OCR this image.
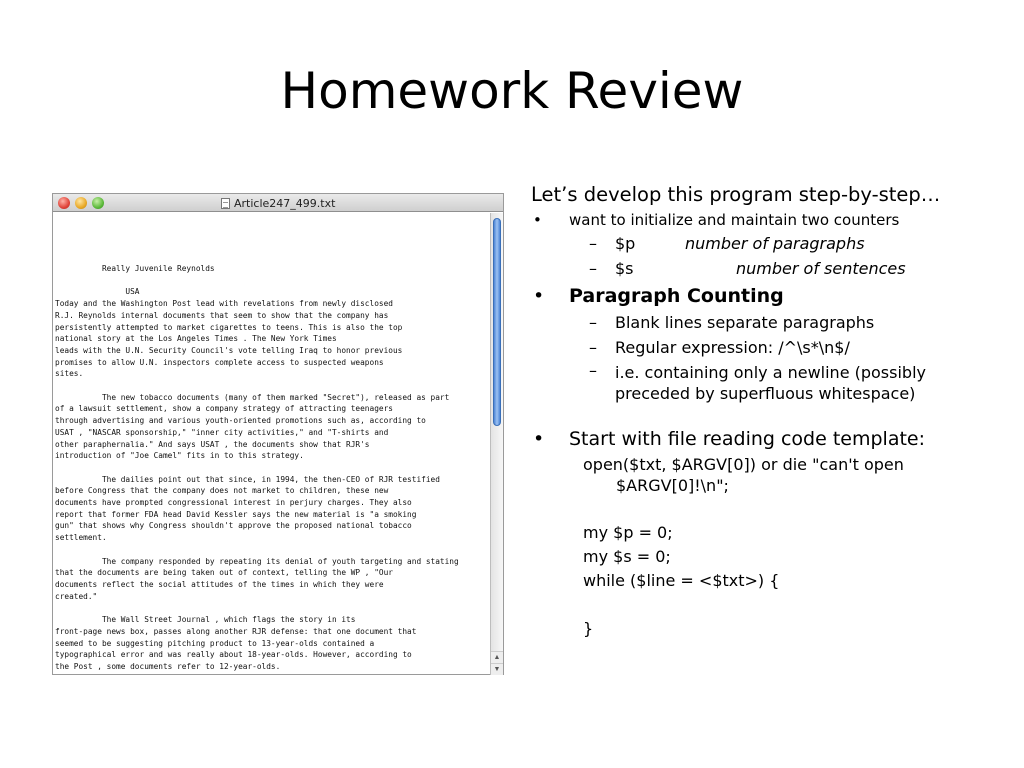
Homework Review
Article247_499.txt
Really Juvenile Reynolds

USA
Today and the Washington Post lead with revelations from newly disclosed
R.J. Reynolds internal documents that seem to show that the company has
persistently attempted to market cigarettes to teens. This is also the top
national story at the Los Angeles Times . The New York Times
leads with the U.N. Security Council's vote telling Iraq to honor previous
promises to allow U.N. inspectors complete access to suspected weapons
sites.

The new tobacco documents (many of them marked "Secret"), released as part
of a lawsuit settlement, show a company strategy of attracting teenagers
through advertising and various youth-oriented promotions such as, according to
USAT , "NASCAR sponsorship," "inner city activities," and "T-shirts and
other paraphernalia." And says USAT , the documents show that RJR's
introduction of "Joe Camel" fits in to this strategy.

The dailies point out that since, in 1994, the then-CEO of RJR testified
before Congress that the company does not market to children, these new
documents have prompted congressional interest in perjury charges. They also
report that former FDA head David Kessler says the new material is "a smoking
gun" that shows why Congress shouldn't approve the proposed national tobacco
settlement.

The company responded by repeating its denial of youth targeting and stating
that the documents are being taken out of context, telling the WP , "Our
documents reflect the social attitudes of the times in which they were
created."

The Wall Street Journal , which flags the story in its
front-page news box, passes along another RJR defense: that one document that
seemed to be suggesting pitching product to 13-year-olds contained a
typographical error and was really about 18-year-olds. However, according to
the Post , some documents refer to 12-year-olds.
▲
▼
Let’s develop this program step-by-step…
• want to initialize and maintain two counters
– $p	number of paragraphs
– $s	number of sentences
• Paragraph Counting
– Blank lines separate paragraphs
– Regular expression: /^\s*\n$/
– i.e. containing only a newline (possibly preceded by superfluous whitespace)
• Start with file reading code template:
open($txt, $ARGV[0]) or die "can't open
$ARGV[0]!\n";
my $p = 0;
my $s = 0;
while ($line = <$txt>) {
}
